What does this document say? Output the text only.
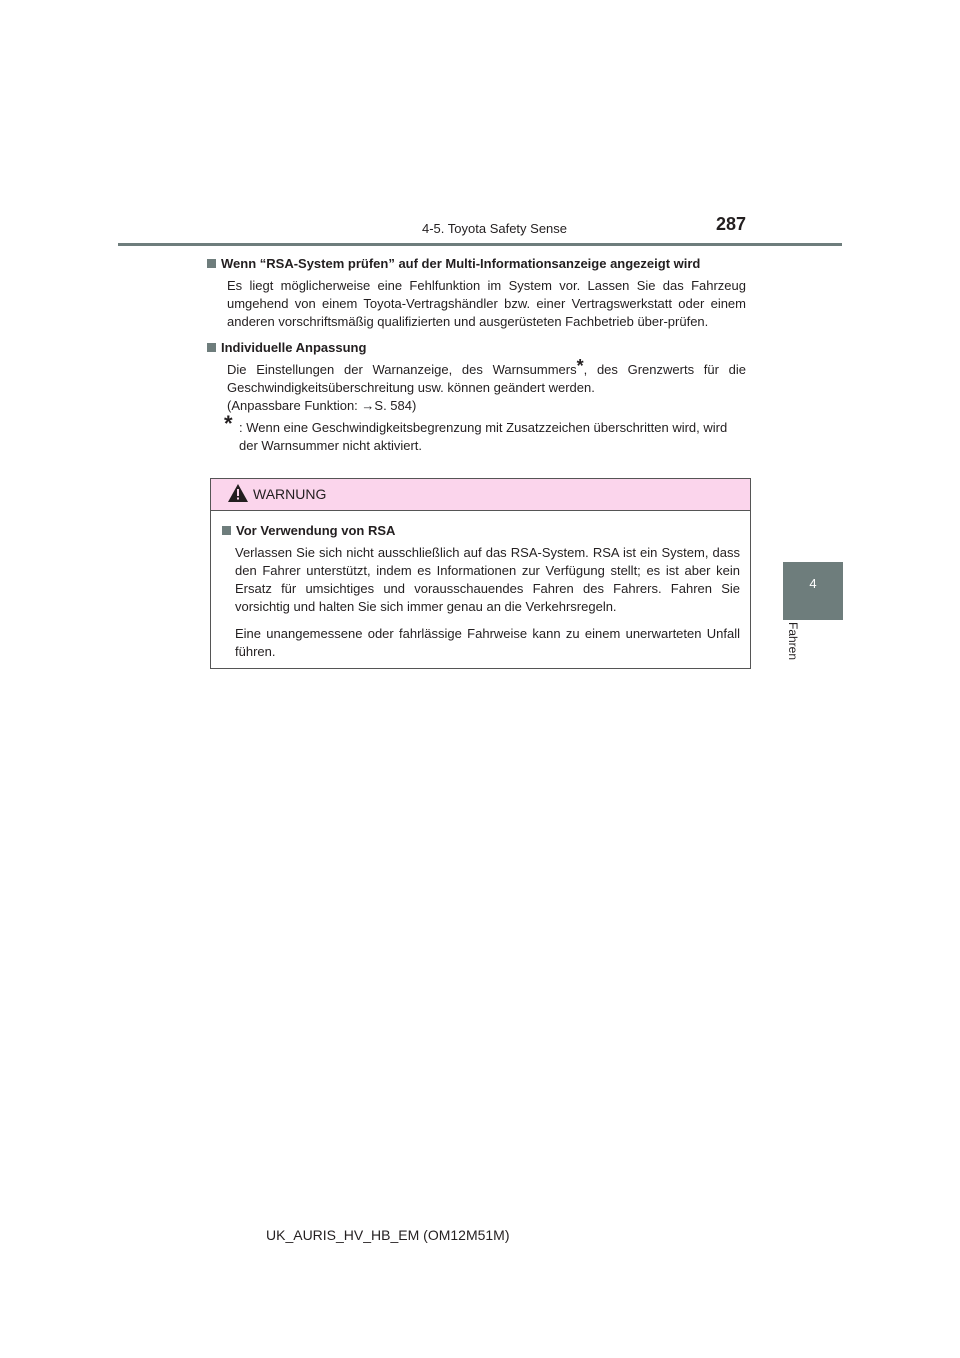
4-5. Toyota Safety Sense	287
4
Fahren
Wenn “RSA-System prüfen” auf der Multi-Informationsanzeige angezeigt wird
Es liegt möglicherweise eine Fehlfunktion im System vor. Lassen Sie das Fahrzeug umgehend von einem Toyota-Vertragshändler bzw. einer Vertragswerkstatt oder einem anderen vorschriftsmäßig qualifizierten und ausgerüsteten Fachbetrieb über-prüfen.
Individuelle Anpassung
Die Einstellungen der Warnanzeige, des Warnsummers*, des Grenzwerts für die Geschwindigkeitsüberschreitung usw. können geändert werden.
(Anpassbare Funktion: →S. 584)
* : Wenn eine Geschwindigkeitsbegrenzung mit Zusatzzeichen überschritten wird, wird der Warnsummer nicht aktiviert.
WARNUNG
Vor Verwendung von RSA
Verlassen Sie sich nicht ausschließlich auf das RSA-System. RSA ist ein System, dass den Fahrer unterstützt, indem es Informationen zur Verfügung stellt; es ist aber kein Ersatz für umsichtiges und vorausschauendes Fahren des Fahrers. Fahren Sie vorsichtig und halten Sie sich immer genau an die Verkehrsregeln.
Eine unangemessene oder fahrlässige Fahrweise kann zu einem unerwarteten Unfall führen.
UK_AURIS_HV_HB_EM (OM12M51M)
